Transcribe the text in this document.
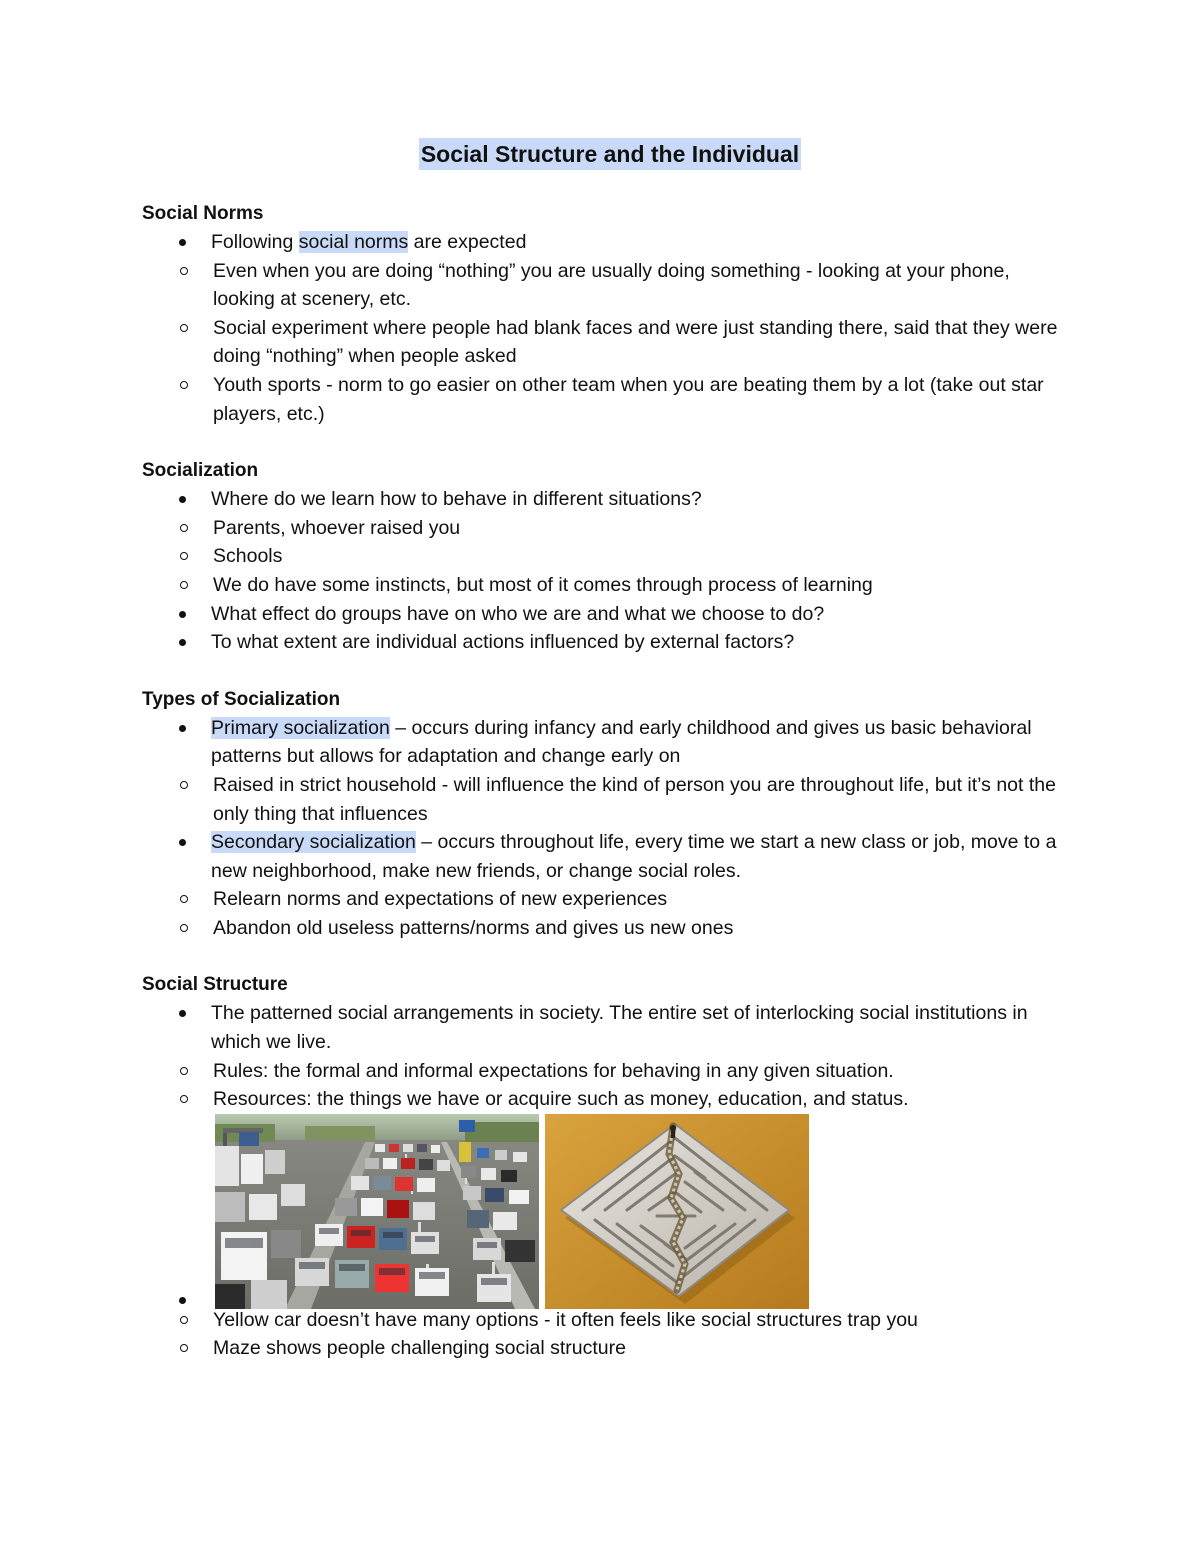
Social Structure and the Individual
Social Norms
Following social norms are expected
Even when you are doing “nothing” you are usually doing something - looking at your phone, looking at scenery, etc.
Social experiment where people had blank faces and were just standing there, said that they were doing “nothing” when people asked
Youth sports - norm to go easier on other team when you are beating them by a lot (take out star players, etc.)
Socialization
Where do we learn how to behave in different situations?
Parents, whoever raised you
Schools
We do have some instincts, but most of it comes through process of learning
What effect do groups have on who we are and what we choose to do?
To what extent are individual actions influenced by external factors?
Types of Socialization
Primary socialization – occurs during infancy and early childhood and gives us basic behavioral patterns but allows for adaptation and change early on
Raised in strict household - will influence the kind of person you are throughout life, but it’s not the only thing that influences
Secondary socialization – occurs throughout life, every time we start a new class or job, move to a new neighborhood, make new friends, or change social roles.
Relearn norms and expectations of new experiences
Abandon old useless patterns/norms and gives us new ones
Social Structure
The patterned social arrangements in society. The entire set of interlocking social institutions in which we live.
Rules: the formal and informal expectations for behaving in any given situation.
Resources: the things we have or acquire such as money, education, and status.
Yellow car doesn’t have many options - it often feels like social structures trap you
Maze shows people challenging social structure
